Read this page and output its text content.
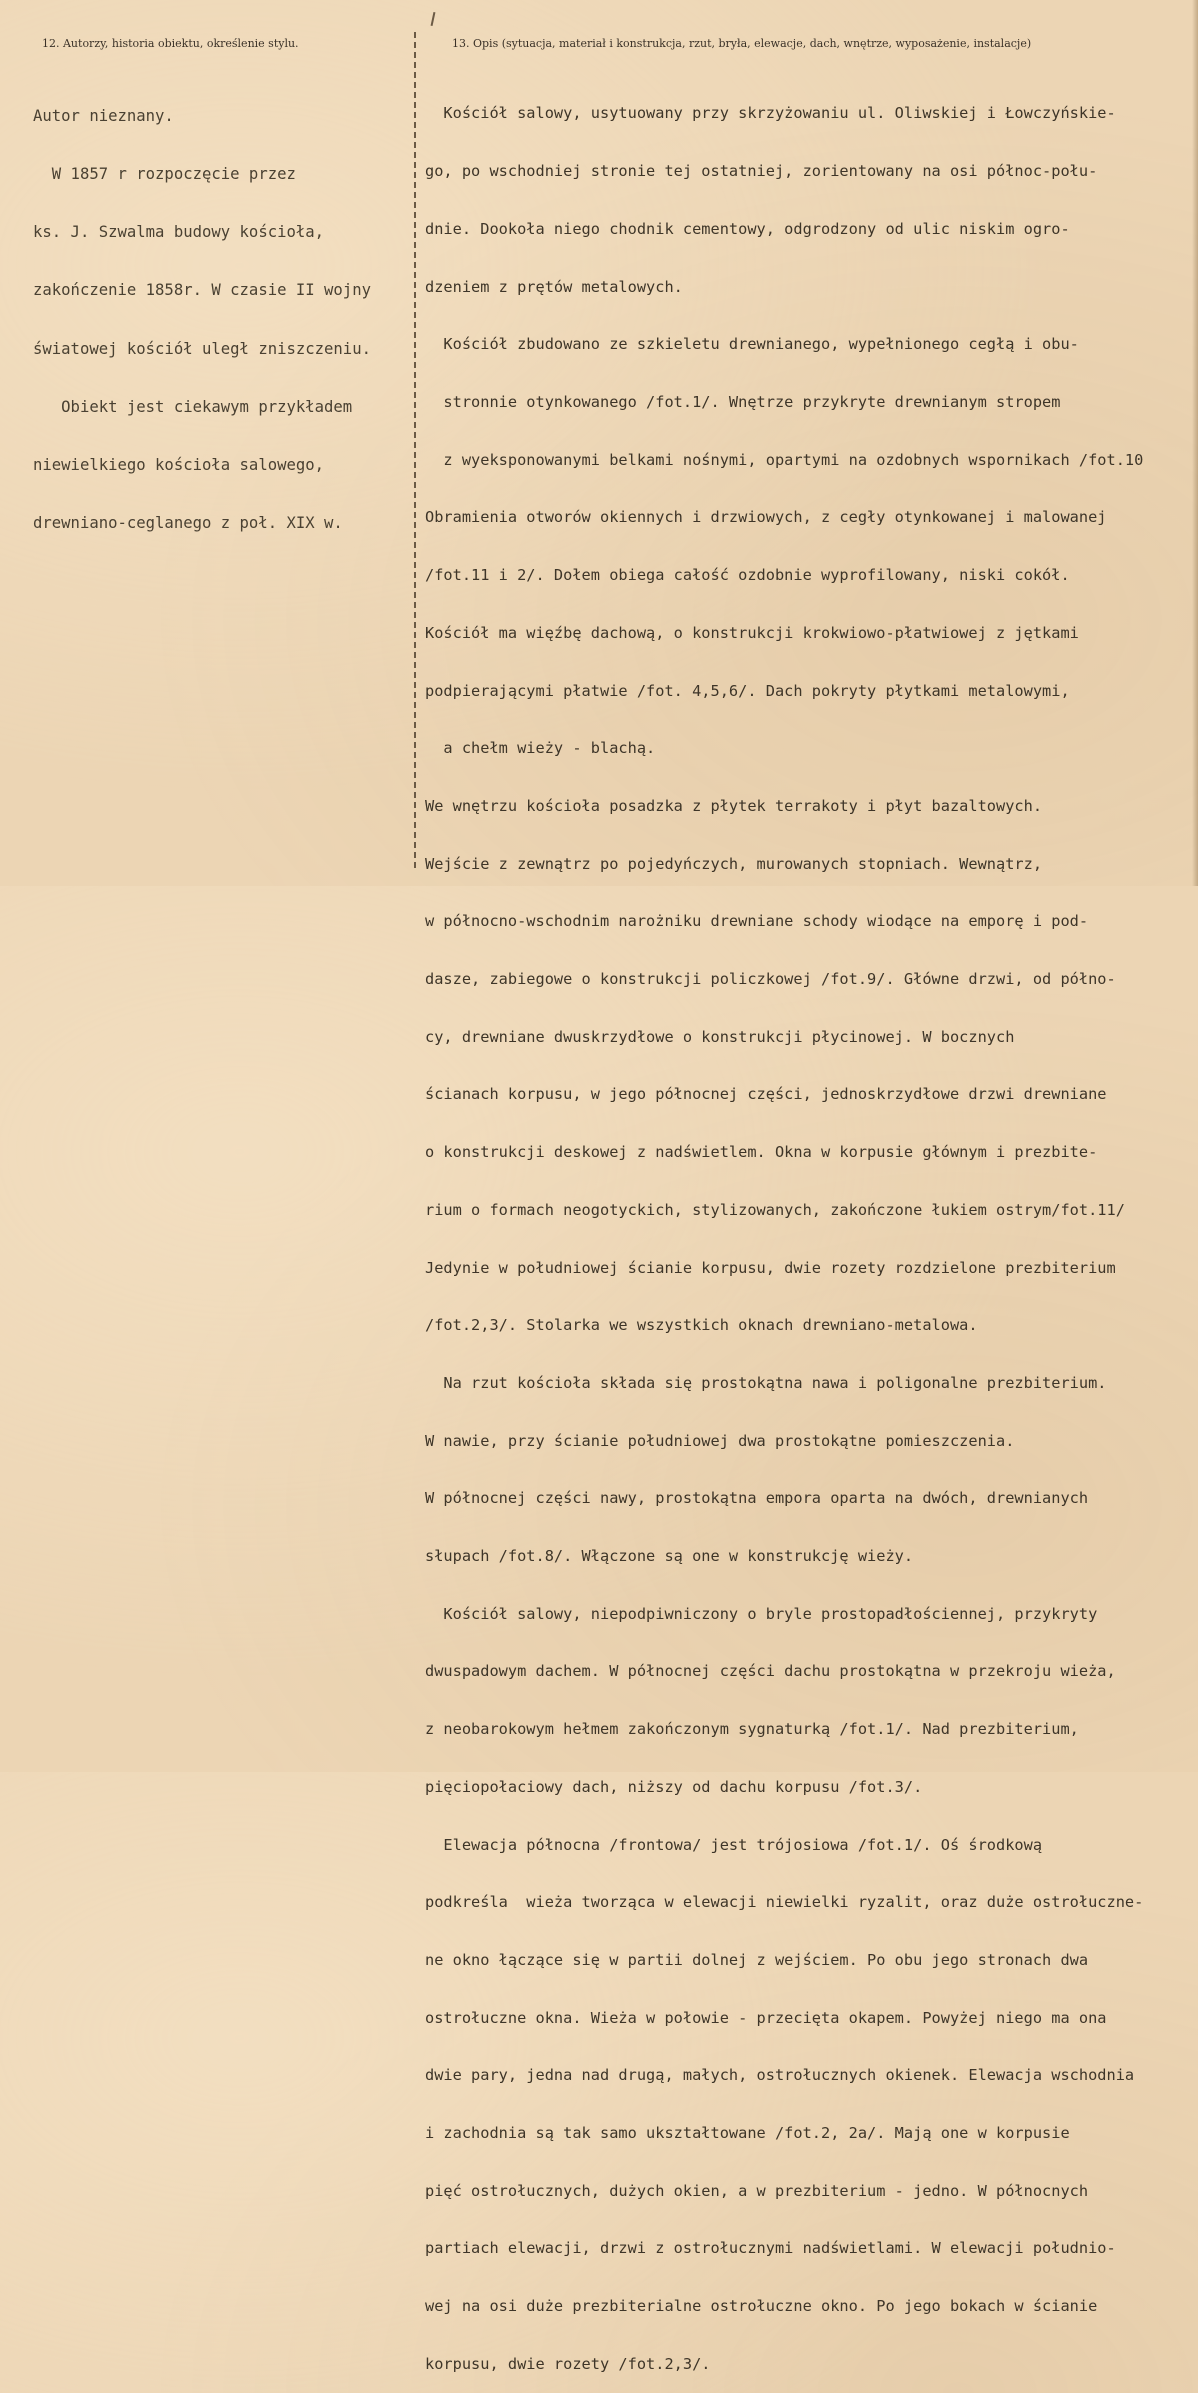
12. Autorzy, historia obiektu, określenie stylu.	13. Opis (sytuacja, materiał i konstrukcja, rzut, bryła, elewacje, dach, wnętrze, wyposażenie, instalacje)

Autor nieznany.

W 1857 r rozpoczęcie przez

ks. J. Szwalma budowy kościoła,

zakończenie 1858r. W czasie II wojny

światowej kościół uległ zniszczeniu.

Obiekt jest ciekawym przykładem

niewielkiego kościoła salowego,

drewniano-ceglanego z poł. XIX w.

Kościół salowy, usytuowany przy skrzyżowaniu ul. Oliwskiej i Łowczyńskie-

go, po wschodniej stronie tej ostatniej, zorientowany na osi północ-połu-

dnie. Dookoła niego chodnik cementowy, odgrodzony od ulic niskim ogro-

dzeniem z prętów metalowych.

Kościół zbudowano ze szkieletu drewnianego, wypełnionego cegłą i obu-

stronnie otynkowanego /fot.1/. Wnętrze przykryte drewnianym stropem

z wyeksponowanymi belkami nośnymi, opartymi na ozdobnych wspornikach /fot.10

Obramienia otworów okiennych i drzwiowych, z cegły otynkowanej i malowanej

/fot.11 i 2/. Dołem obiega całość ozdobnie wyprofilowany, niski cokół.

Kościół ma więźbę dachową, o konstrukcji krokwiowo-płatwiowej z jętkami

podpierającymi płatwie /fot. 4,5,6/. Dach pokryty płytkami metalowymi,

a chełm wieży - blachą.

We wnętrzu kościoła posadzka z płytek terrakoty i płyt bazaltowych.

Wejście z zewnątrz po pojedyńczych, murowanych stopniach. Wewnątrz,

w północno-wschodnim narożniku drewniane schody wiodące na emporę i pod-

dasze, zabiegowe o konstrukcji policzkowej /fot.9/. Główne drzwi, od półno-

cy, drewniane dwuskrzydłowe o konstrukcji płycinowej. W bocznych

ścianach korpusu, w jego północnej części, jednoskrzydłowe drzwi drewniane

o konstrukcji deskowej z nadświetlem. Okna w korpusie głównym i prezbite-

rium o formach neogotyckich, stylizowanych, zakończone łukiem ostrym/fot.11/

Jedynie w południowej ścianie korpusu, dwie rozety rozdzielone prezbiterium

/fot.2,3/. Stolarka we wszystkich oknach drewniano-metalowa.

Na rzut kościoła składa się prostokątna nawa i poligonalne prezbiterium.

W nawie, przy ścianie południowej dwa prostokątne pomieszczenia.

W północnej części nawy, prostokątna empora oparta na dwóch, drewnianych

słupach /fot.8/. Włączone są one w konstrukcję wieży.

Kościół salowy, niepodpiwniczony o bryle prostopadłościennej, przykryty

dwuspadowym dachem. W północnej części dachu prostokątna w przekroju wieża,

z neobarokowym hełmem zakończonym sygnaturką /fot.1/. Nad prezbiterium,

pięciopołaciowy dach, niższy od dachu korpusu /fot.3/.

Elewacja północna /frontowa/ jest trójosiowa /fot.1/. Oś środkową

podkreśla  wieża tworząca w elewacji niewielki ryzalit, oraz duże ostrołuczne-

ne okno łączące się w partii dolnej z wejściem. Po obu jego stronach dwa

ostrołuczne okna. Wieża w połowie - przecięta okapem. Powyżej niego ma ona

dwie pary, jedna nad drugą, małych, ostrołucznych okienek. Elewacja wschodnia

i zachodnia są tak samo ukształtowane /fot.2, 2a/. Mają one w korpusie

pięć ostrołucznych, dużych okien, a w prezbiterium - jedno. W północnych

partiach elewacji, drzwi z ostrołucznymi nadświetlami. W elewacji południo-

wej na osi duże prezbiterialne ostrołuczne okno. Po jego bokach w ścianie

korpusu, dwie rozety /fot.2,3/.
